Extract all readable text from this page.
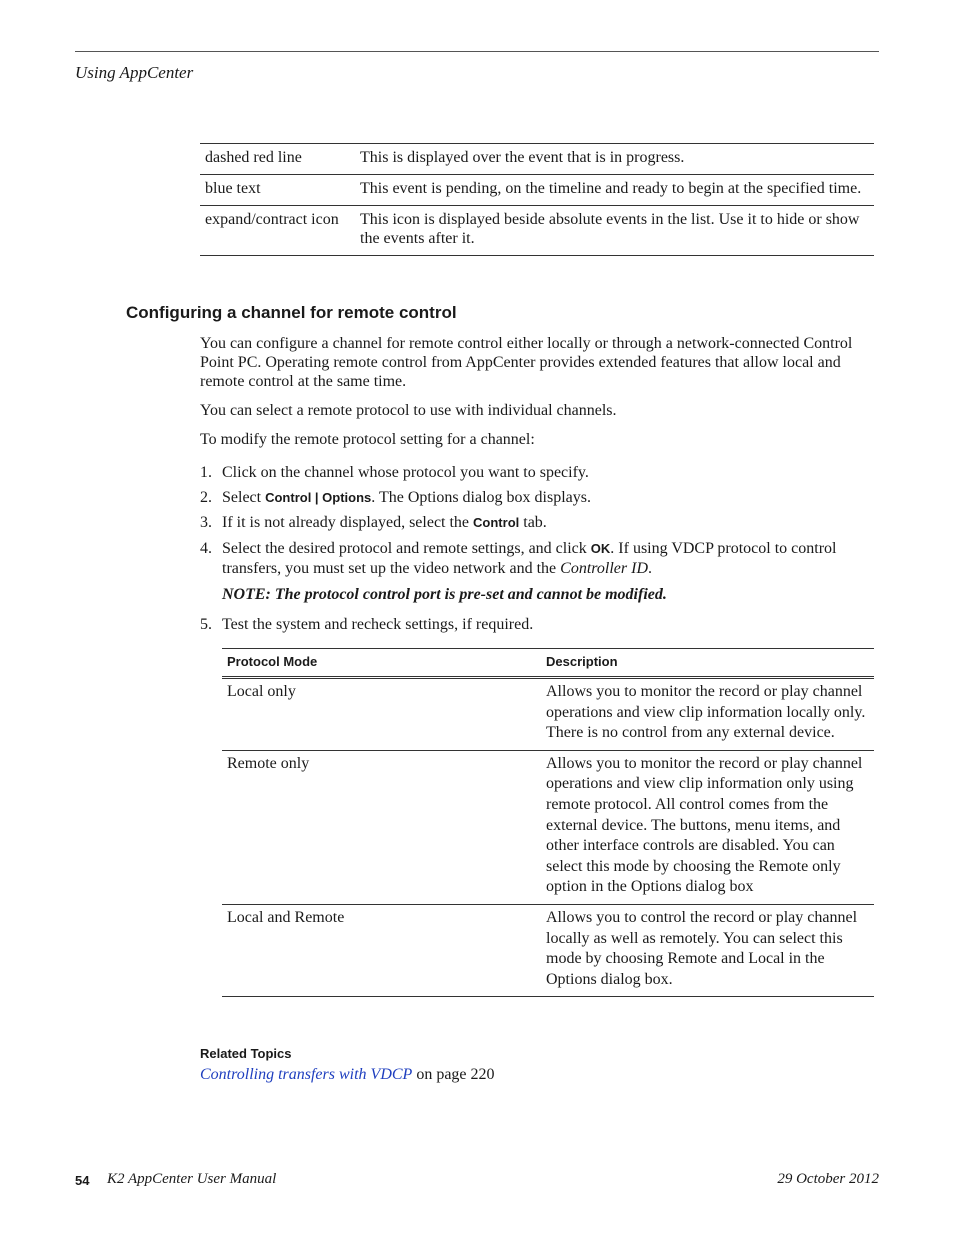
Using AppCenter
dashed red line	This is displayed over the event that is in progress.
blue text	This event is pending, on the timeline and ready to begin at the specified time.
expand/contract icon	This icon is displayed beside absolute events in the list. Use it to hide or show the events after it.
Configuring a channel for remote control
You can configure a channel for remote control either locally or through a network-connected Control Point PC. Operating remote control from AppCenter provides extended features that allow local and remote control at the same time.
You can select a remote protocol to use with individual channels.
To modify the remote protocol setting for a channel:
1. Click on the channel whose protocol you want to specify.
2. Select Control | Options. The Options dialog box displays.
3. If it is not already displayed, select the Control tab.
4. Select the desired protocol and remote settings, and click OK. If using VDCP protocol to control transfers, you must set up the video network and the Controller ID.
5. Test the system and recheck settings, if required.
NOTE: The protocol control port is pre-set and cannot be modified.
Protocol Mode	Description
Local only	Allows you to monitor the record or play channel operations and view clip information locally only. There is no control from any external device.
Remote only	Allows you to monitor the record or play channel operations and view clip information only using remote protocol. All control comes from the external device. The buttons, menu items, and other interface controls are disabled. You can select this mode by choosing the Remote only option in the Options dialog box
Local and Remote	Allows you to control the record or play channel locally as well as remotely. You can select this mode by choosing Remote and Local in the Options dialog box.
Related Topics
Controlling transfers with VDCP on page 220
54 K2 AppCenter User Manual	29 October 2012
